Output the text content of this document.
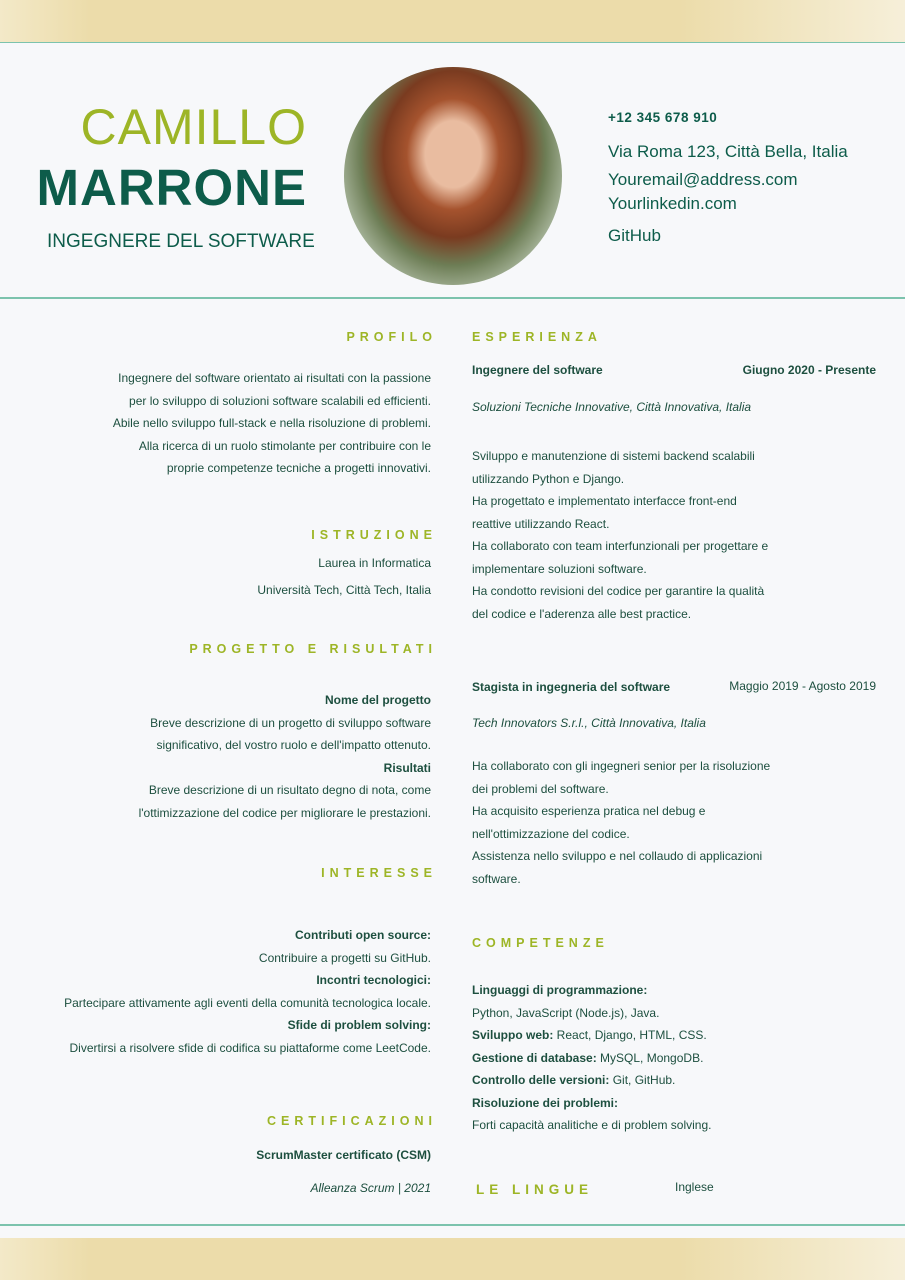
CAMILLO
MARRONE
INGEGNERE DEL SOFTWARE
+12 345 678 910
Via Roma 123, Città Bella, Italia
Youremail@address.com
Yourlinkedin.com
GitHub
PROFILO
Ingegnere del software orientato ai risultati con la passione
per lo sviluppo di soluzioni software scalabili ed efficienti.
Abile nello sviluppo full-stack e nella risoluzione di problemi.
Alla ricerca di un ruolo stimolante per contribuire con le
proprie competenze tecniche a progetti innovativi.
ISTRUZIONE
Laurea in Informatica
Università Tech, Città Tech, Italia
PROGETTO E RISULTATI
Nome del progetto
Breve descrizione di un progetto di sviluppo software
significativo, del vostro ruolo e dell'impatto ottenuto.
Risultati
Breve descrizione di un risultato degno di nota, come
l'ottimizzazione del codice per migliorare le prestazioni.
INTERESSE
Contributi open source:
Contribuire a progetti su GitHub.
Incontri tecnologici:
Partecipare attivamente agli eventi della comunità tecnologica locale.
Sfide di problem solving:
Divertirsi a risolvere sfide di codifica su piattaforme come LeetCode.
CERTIFICAZIONI
ScrumMaster certificato (CSM)
Alleanza Scrum | 2021
ESPERIENZA
Ingegnere del software	Giugno 2020 - Presente
Soluzioni Tecniche Innovative, Città Innovativa, Italia
Sviluppo e manutenzione di sistemi backend scalabili
utilizzando Python e Django.
Ha progettato e implementato interfacce front-end
reattive utilizzando React.
Ha collaborato con team interfunzionali per progettare e
implementare soluzioni software.
Ha condotto revisioni del codice per garantire la qualità
del codice e l'aderenza alle best practice.
Stagista in ingegneria del software	Maggio 2019 - Agosto 2019
Tech Innovators S.r.l., Città Innovativa, Italia
Ha collaborato con gli ingegneri senior per la risoluzione
dei problemi del software.
Ha acquisito esperienza pratica nel debug e
nell'ottimizzazione del codice.
Assistenza nello sviluppo e nel collaudo di applicazioni
software.
COMPETENZE
Linguaggi di programmazione:
Python, JavaScript (Node.js), Java.
Sviluppo web: React, Django, HTML, CSS.
Gestione di database: MySQL, MongoDB.
Controllo delle versioni: Git, GitHub.
Risoluzione dei problemi:
Forti capacità analitiche e di problem solving.
LE LINGUE	Inglese
